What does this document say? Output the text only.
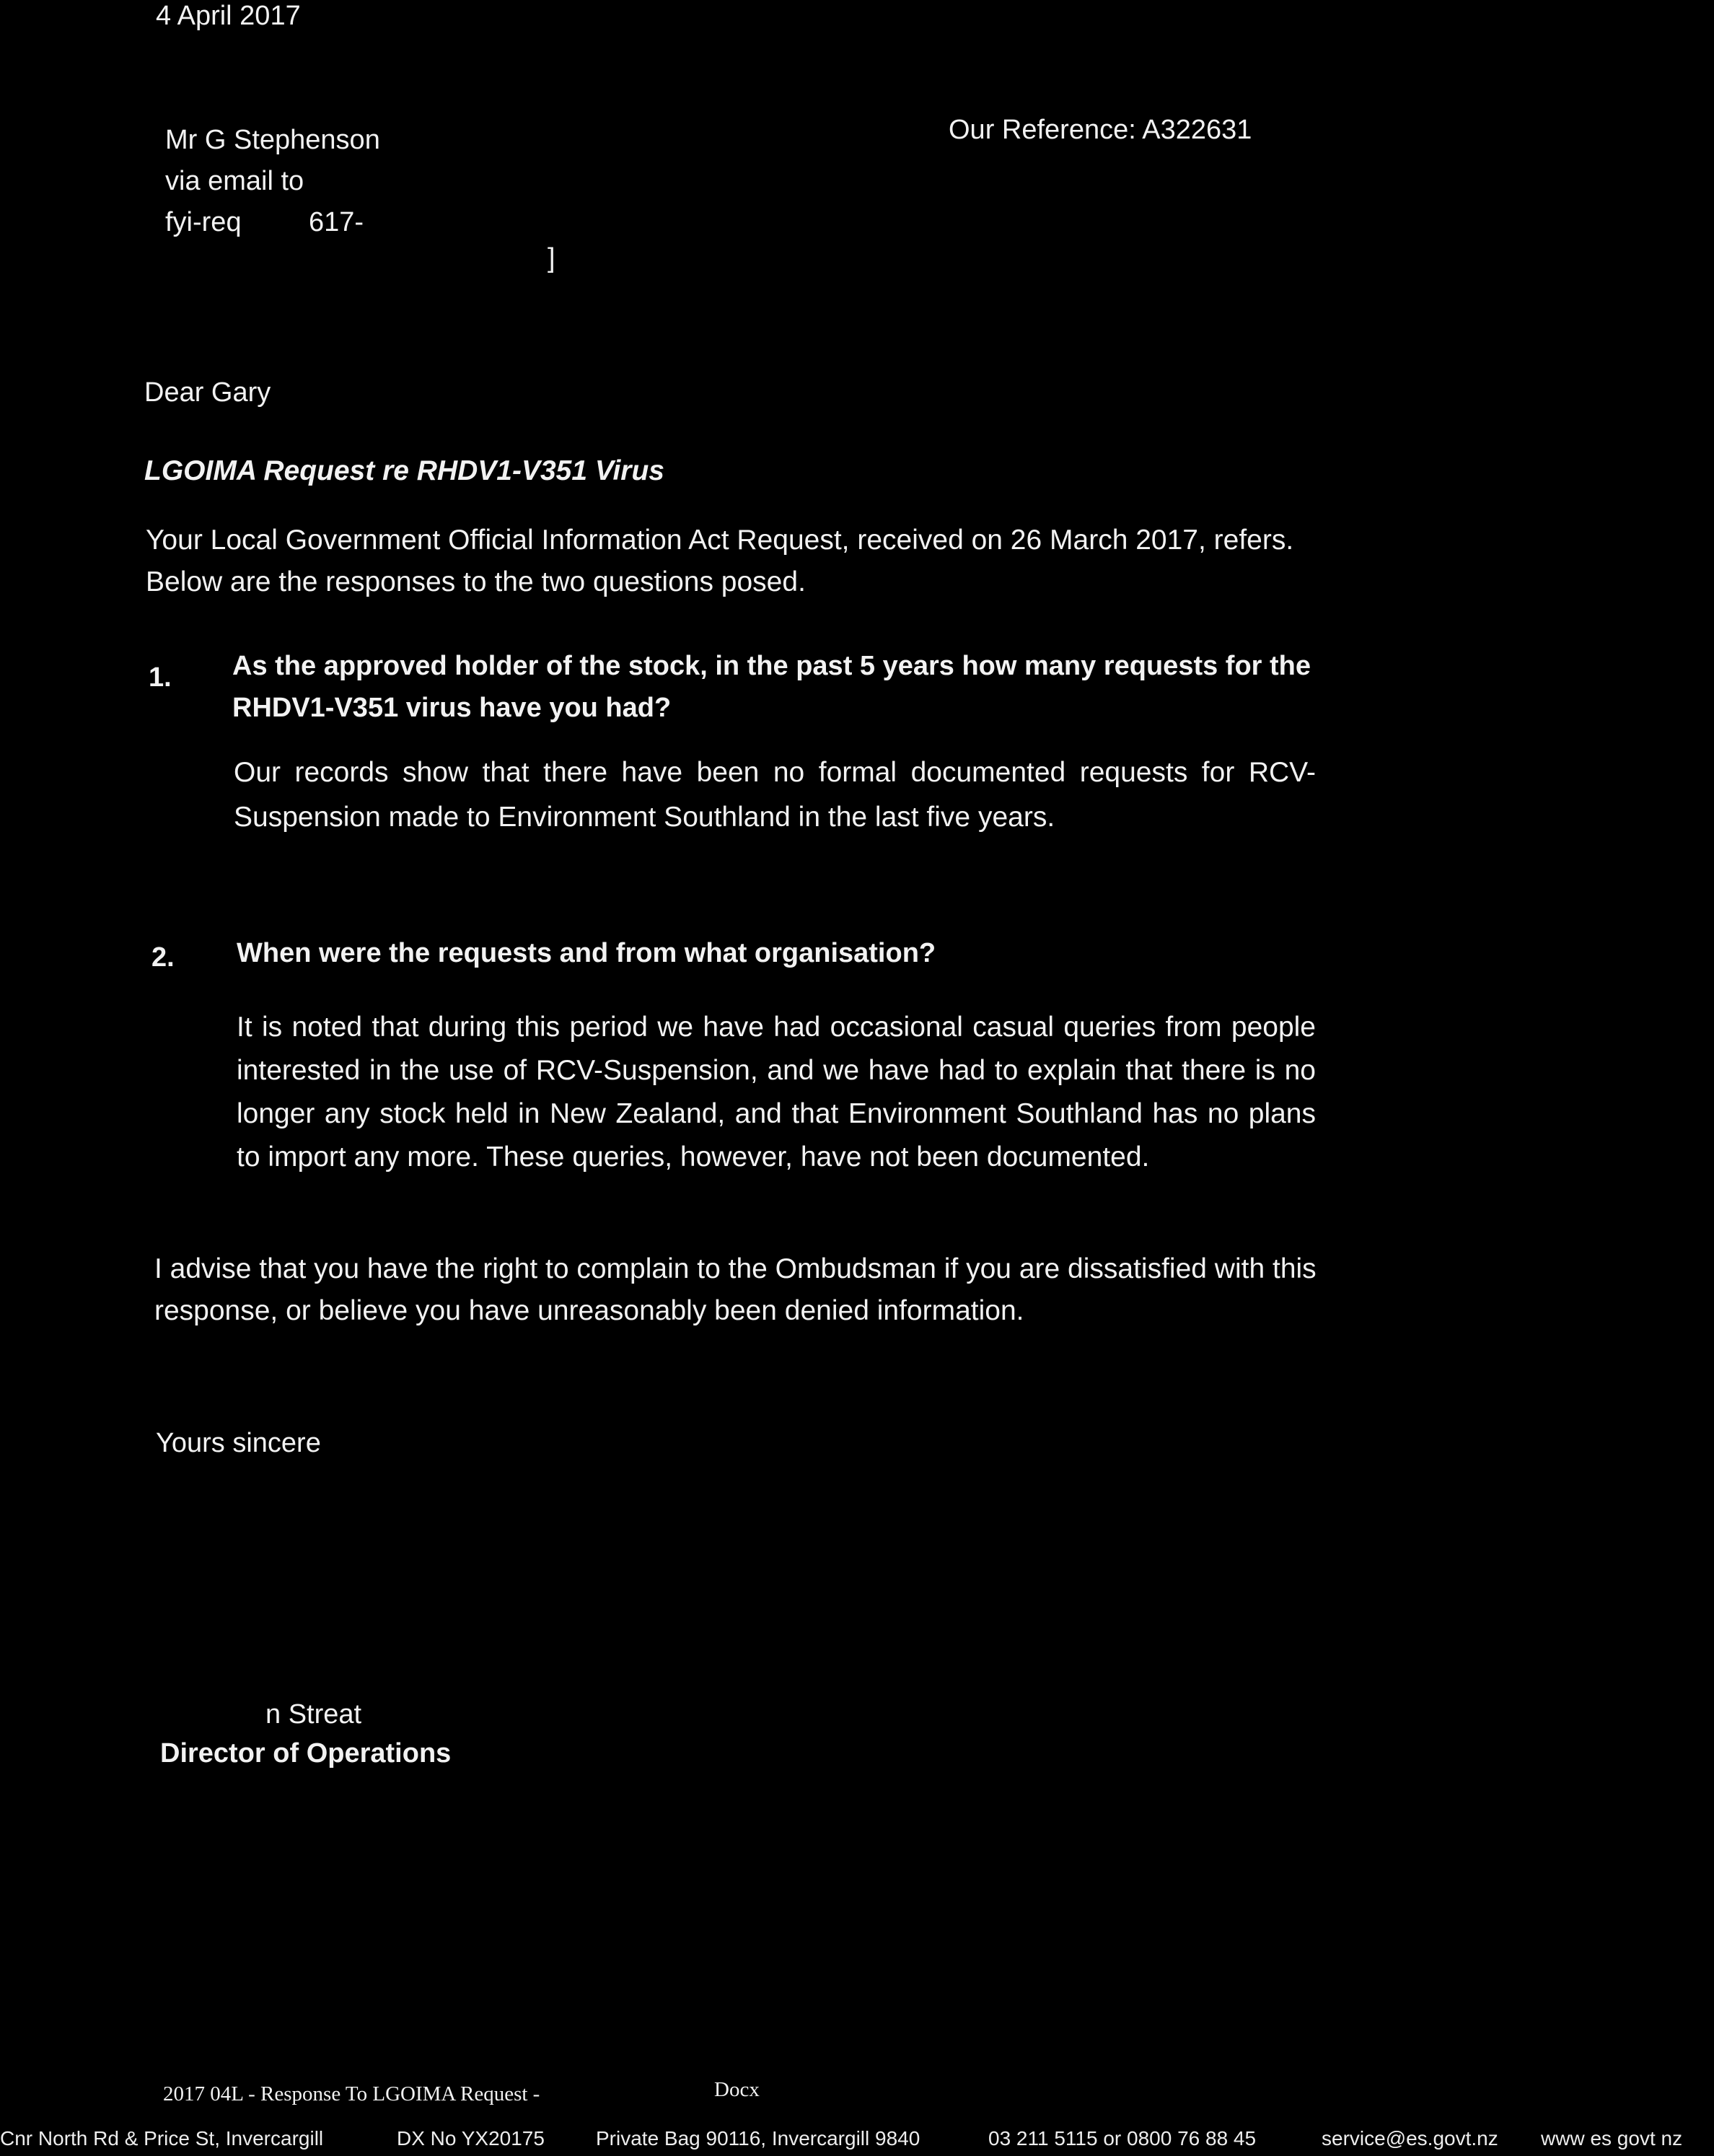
4 April 2017
Mr G Stephenson
via email to
fyi-req 617-
]
Our Reference: A322631
Dear Gary
LGOIMA Request re RHDV1-V351 Virus
Your Local Government Official Information Act Request, received on 26 March 2017, refers. Below are the responses to the two questions posed.
1. As the approved holder of the stock, in the past 5 years how many requests for the RHDV1-V351 virus have you had?
Our records show that there have been no formal documented requests for RCV-Suspension made to Environment Southland in the last five years.
2. When were the requests and from what organisation?
It is noted that during this period we have had occasional casual queries from people interested in the use of RCV-Suspension, and we have had to explain that there is no longer any stock held in New Zealand, and that Environment Southland has no plans to import any more. These queries, however, have not been documented.
I advise that you have the right to complain to the Ombudsman if you are dissatisfied with this response, or believe you have unreasonably been denied information.
Yours sincere
n Streat
Director of Operations
2017 04L - Response To LGOIMA Request -	Docx
Cnr North Rd & Price St, Invercargill	DX No YX20175	Private Bag 90116, Invercargill 9840	03 211 5115 or 0800 76 88 45	service@es.govt.nz www es govt nz
